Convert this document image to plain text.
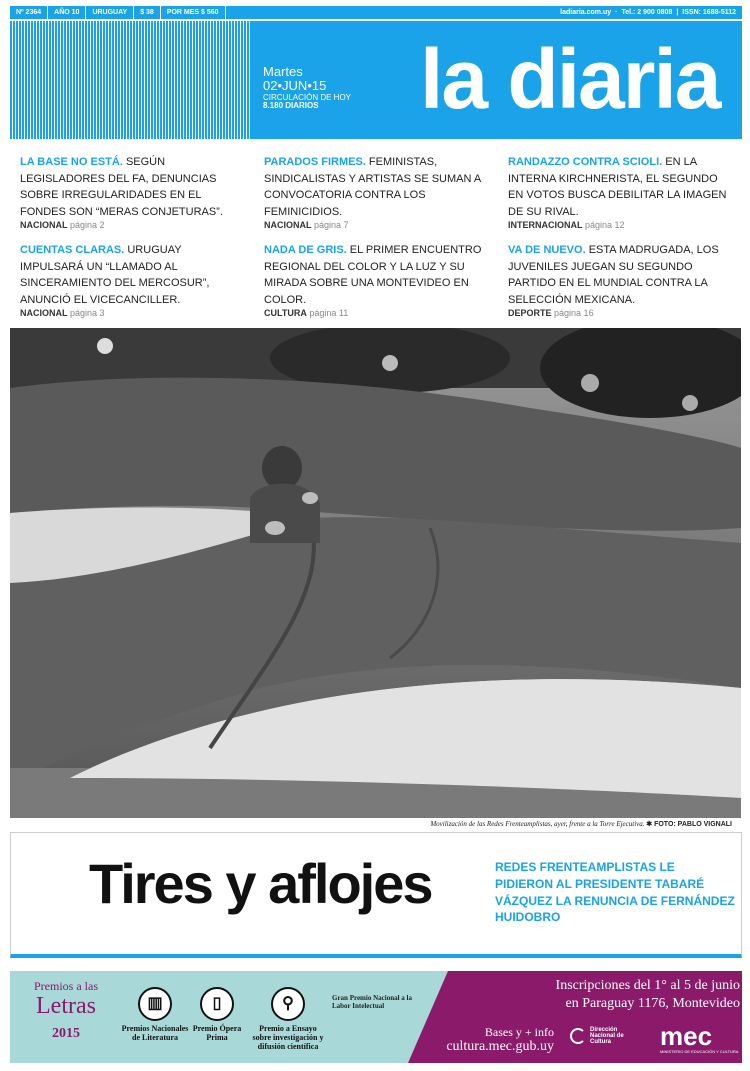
Nº 2364	AÑO 10	URUGUAY	$ 38	POR MES $ 560	ladiaria.com.uy · Tel.: 2 900 0808 | ISSN: 1688-5112
Martes
02•JUN•15
CIRCULACIÓN DE HOY
8.180 DIARIOS	la diaria
LA BASE NO ESTÁ. SEGÚN LEGISLADORES DEL FA, DENUNCIAS SOBRE IRREGULARIDADES EN EL FONDES SON “MERAS CONJETURAS”.
NACIONAL página 2
PARADOS FIRMES. FEMINISTAS, SINDICALISTAS Y ARTISTAS SE SUMAN A CONVOCATORIA CONTRA LOS FEMINICIDIOS.
NACIONAL página 7
RANDAZZO CONTRA SCIOLI. EN LA INTERNA KIRCHNERISTA, EL SEGUNDO EN VOTOS BUSCA DEBILITAR LA IMAGEN DE SU RIVAL.
INTERNACIONAL página 12
CUENTAS CLARAS. URUGUAY IMPULSARÁ UN “LLAMADO AL SINCERAMIENTO DEL MERCOSUR”, ANUNCIÓ EL VICECANCILLER.
NACIONAL página 3
NADA DE GRIS. EL PRIMER ENCUENTRO REGIONAL DEL COLOR Y LA LUZ Y SU MIRADA SOBRE UNA MONTEVIDEO EN COLOR.
CULTURA página 11
VA DE NUEVO. ESTA MADRUGADA, LOS JUVENILES JUEGAN SU SEGUNDO PARTIDO EN EL MUNDIAL CONTRA LA SELECCIÓN MEXICANA.
DEPORTE página 16
Movilización de las Redes Frenteamplistas, ayer, frente a la Torre Ejecutiva. ✱ FOTO: PABLO VIGNALI
Tires y aflojes	REDES FRENTEAMPLISTAS LE PIDIERON AL PRESIDENTE TABARÉ VÁZQUEZ LA RENUNCIA DE FERNÁNDEZ HUIDOBRO
Premios a las
Letras
2015
▥
Premios Nacionales de Literatura
▯
Premio Ópera Prima
⚲
Premio a Ensayo sobre investigación y difusión científica
Gran Premio Nacional a la Labor Intelectual
Inscripciones del 1° al 5 de junio
en Paraguay 1176, Montevideo
Bases y + info
cultura.mec.gub.uy
Dirección Nacional de Cultura	mec
MINISTERIO DE EDUCACIÓN Y CULTURA
